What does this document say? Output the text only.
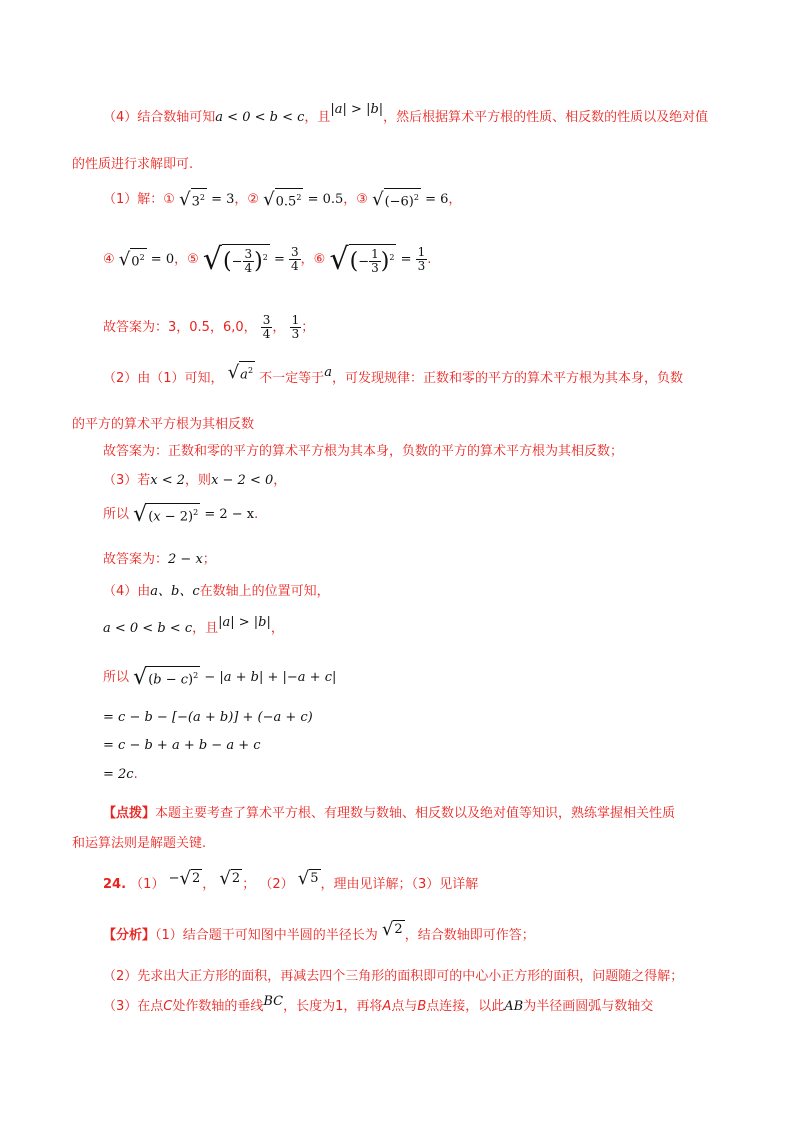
（4）结合数轴可知a < 0 < b < c，且|a| > |b|，然后根据算术平方根的性质、相反数的性质以及绝对值
的性质进行求解即可.
（1）解：① $√3^2 = 3$，② $√0.5^2 = 0.5$，③ $√(-6)^2 = 6$，
④ $√0^2 = 0$，⑤ √(− $\frac{3}{4} )^2 = \frac{3}{4}$ ，⑥ √(− $\frac{1}{3} )^2 = \frac{1}{3}$ .
故答案为：3，0.5，6,0， $\frac{3}{4}$ ， $\frac{1}{3}$ ；
（2）由（1）可知， $√a^2$ 不一定等于a，可发现规律：正数和零的平方的算术平方根为其本身，负数
的平方的算术平方根为其相反数
故答案为：正数和零的平方的算术平方根为其本身，负数的平方的算术平方根为其相反数；
（3）若x < 2，则x − 2 < 0，
所以 $√(x - 2)^2 = 2 - x$.
故答案为：2 − x；
（4）由a、b、c在数轴上的位置可知，
a < 0 < b < c，且|a| > |b|，
所以 $√(b - c)^2 - |a + b| + |-a + c|$
= c − b − [−(a + b)] + (−a + c)
= c − b + a + b − a + c
= 2c.
【点拨】本题主要考查了算术平方根、有理数与数轴、相反数以及绝对值等知识，熟练掌握相关性质
和运算法则是解题关键.
24. （1） −√2 ， √2 ； （2） √5 ，理由见详解；（3）见详解
【分析】（1）结合题干可知图中半圆的半径长为 √2 ，结合数轴即可作答；
（2）先求出大正方形的面积，再减去四个三角形的面积即可的中心小正方形的面积，问题随之得解；
（3）在点C处作数轴的垂线BC，长度为1，再将A点与B点连接，以此AB为半径画圆弧与数轴交
